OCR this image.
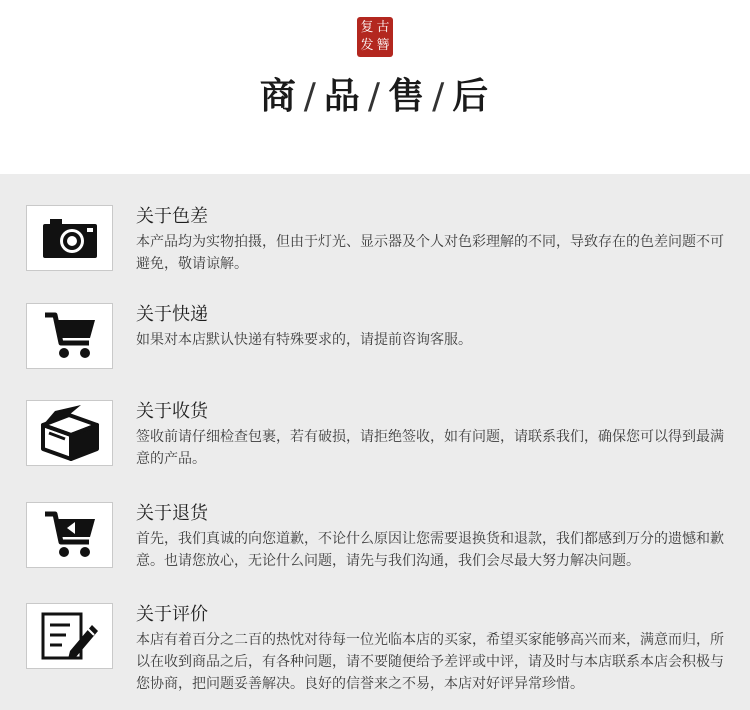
复 古
发 簪
商 / 品 / 售 / 后
关于色差
本产品均为实物拍摄，但由于灯光、显示器及个人对色彩理解的不同，导致存在的色差问题不可避免，敬请谅解。
关于快递
如果对本店默认快递有特殊要求的，请提前咨询客服。
关于收货
签收前请仔细检查包裹，若有破损，请拒绝签收，如有问题，请联系我们，确保您可以得到最满意的产品。
关于退货
首先，我们真诚的向您道歉，不论什么原因让您需要退换货和退款，我们都感到万分的遗憾和歉意。也请您放心，无论什么问题，请先与我们沟通，我们会尽最大努力解决问题。
关于评价
本店有着百分之二百的热忱对待每一位光临本店的买家，希望买家能够高兴而来，满意而归，所以在收到商品之后，有各种问题，请不要随便给予差评或中评，请及时与本店联系本店会积极与您协商，把问题妥善解决。良好的信誉来之不易，本店对好评异常珍惜。
